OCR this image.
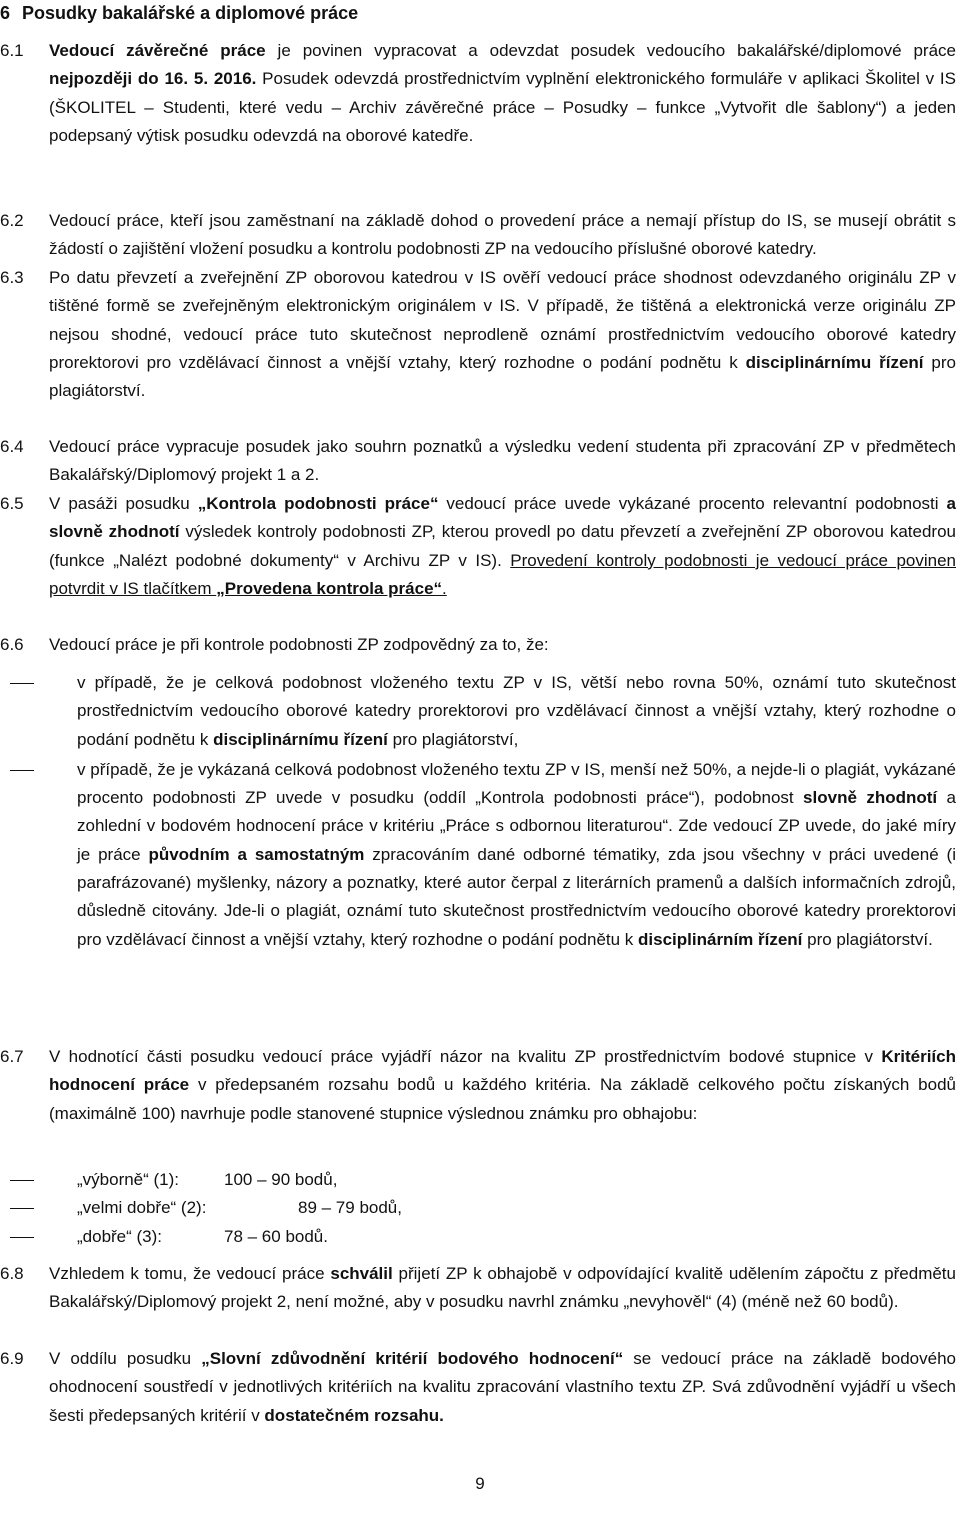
6 Posudky bakalářské a diplomové práce
6.1 Vedoucí závěrečné práce je povinen vypracovat a odevzdat posudek vedoucího bakalářské/diplomové práce nejpozději do 16. 5. 2016. Posudek odevzdá prostřednictvím vyplnění elektronického formuláře v aplikaci Školitel v IS (ŠKOLITEL – Studenti, které vedu – Archiv závěrečné práce – Posudky – funkce „Vytvořit dle šablony“) a jeden podepsaný výtisk posudku odevzdá na oborové katedře.
6.2 Vedoucí práce, kteří jsou zaměstnaní na základě dohod o provedení práce a nemají přístup do IS, se musejí obrátit s žádostí o zajištění vložení posudku a kontrolu podobnosti ZP na vedoucího příslušné oborové katedry.
6.3 Po datu převzetí a zveřejnění ZP oborovou katedrou v IS ověří vedoucí práce shodnost odevzdaného originálu ZP v tištěné formě se zveřejněným elektronickým originálem v IS. V případě, že tištěná a elektronická verze originálu ZP nejsou shodné, vedoucí práce tuto skutečnost neprodleně oznámí prostřednictvím vedoucího oborové katedry prorektorovi pro vzdělávací činnost a vnější vztahy, který rozhodne o podání podnětu k disciplinárnímu řízení pro plagiátorství.
6.4 Vedoucí práce vypracuje posudek jako souhrn poznatků a výsledku vedení studenta při zpracování ZP v předmětech Bakalářský/Diplomový projekt 1 a 2.
6.5 V pasáži posudku „Kontrola podobnosti práce“ vedoucí práce uvede vykázané procento relevantní podobnosti a slovně zhodnotí výsledek kontroly podobnosti ZP, kterou provedl po datu převzetí a zveřejnění ZP oborovou katedrou (funkce „Nalézt podobné dokumenty“ v Archivu ZP v IS). Provedení kontroly podobnosti je vedoucí práce povinen potvrdit v IS tlačítkem „Provedena kontrola práce“.
6.6 Vedoucí práce je při kontrole podobnosti ZP zodpovědný za to, že:
v případě, že je celková podobnost vloženého textu ZP v IS, větší nebo rovna 50%, oznámí tuto skutečnost prostřednictvím vedoucího oborové katedry prorektorovi pro vzdělávací činnost a vnější vztahy, který rozhodne o podání podnětu k disciplinárnímu řízení pro plagiátorství,
v případě, že je vykázaná celková podobnost vloženého textu ZP v IS, menší než 50%, a nejde-li o plagiát, vykázané procento podobnosti ZP uvede v posudku (oddíl „Kontrola podobnosti práce“), podobnost slovně zhodnotí a zohlední v bodovém hodnocení práce v kritériu „Práce s odbornou literaturou“. Zde vedoucí ZP uvede, do jaké míry je práce původním a samostatným zpracováním dané odborné tématiky, zda jsou všechny v práci uvedené (i parafrázované) myšlenky, názory a poznatky, které autor čerpal z literárních pramenů a dalších informačních zdrojů, důsledně citovány. Jde-li o plagiát, oznámí tuto skutečnost prostřednictvím vedoucího oborové katedry prorektorovi pro vzdělávací činnost a vnější vztahy, který rozhodne o podání podnětu k disciplinárním řízení pro plagiátorství.
6.7 V hodnotící části posudku vedoucí práce vyjádří názor na kvalitu ZP prostřednictvím bodové stupnice v Kritériích hodnocení práce v předepsaném rozsahu bodů u každého kritéria. Na základě celkového počtu získaných bodů (maximálně 100) navrhuje podle stanovené stupnice výslednou známku pro obhajobu:
„výborně“ (1):	100 – 90 bodů,
„velmi dobře“ (2):	89 – 79 bodů,
„dobře“ (3):	78 – 60 bodů.
6.8 Vzhledem k tomu, že vedoucí práce schválil přijetí ZP k obhajobě v odpovídající kvalitě udělením zápočtu z předmětu Bakalářský/Diplomový projekt 2, není možné, aby v posudku navrhl známku „nevyhověl“ (4) (méně než 60 bodů).
6.9 V oddílu posudku „Slovní zdůvodnění kritérií bodového hodnocení“ se vedoucí práce na základě bodového ohodnocení soustředí v jednotlivých kritériích na kvalitu zpracování vlastního textu ZP. Svá zdůvodnění vyjádří u všech šesti předepsaných kritérií v dostatečném rozsahu.
9
